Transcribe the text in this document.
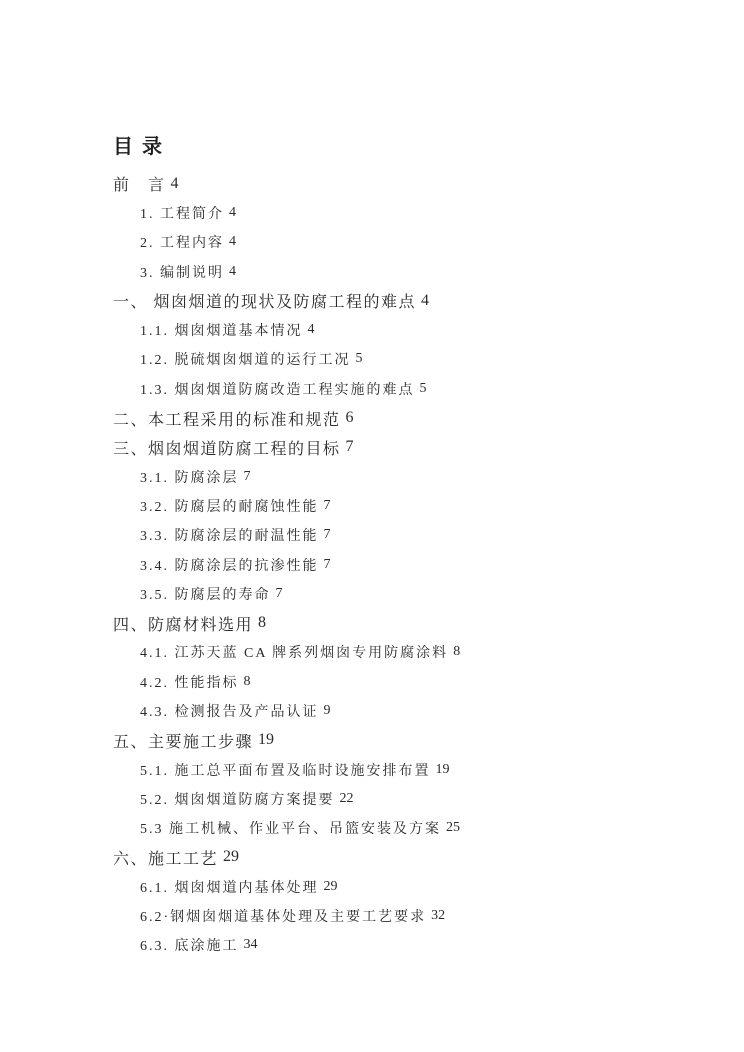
目 录
前　言 4
1. 工程简介 4
2. 工程内容 4
3. 编制说明 4
一、 烟囱烟道的现状及防腐工程的难点 4
1.1. 烟囱烟道基本情况 4
1.2. 脱硫烟囱烟道的运行工况 5
1.3. 烟囱烟道防腐改造工程实施的难点 5
二、本工程采用的标准和规范 6
三、烟囱烟道防腐工程的目标 7
3.1. 防腐涂层 7
3.2. 防腐层的耐腐蚀性能 7
3.3. 防腐涂层的耐温性能 7
3.4. 防腐涂层的抗渗性能 7
3.5. 防腐层的寿命 7
四、防腐材料选用 8
4.1. 江苏天蓝 CA 牌系列烟囱专用防腐涂料 8
4.2. 性能指标 8
4.3. 检测报告及产品认证 9
五、主要施工步骤 19
5.1. 施工总平面布置及临时设施安排布置 19
5.2. 烟囱烟道防腐方案提要 22
5.3 施工机械、作业平台、吊篮安装及方案 25
六、施工工艺 29
6.1. 烟囱烟道内基体处理 29
6.2·钢烟囱烟道基体处理及主要工艺要求 32
6.3. 底涂施工 34
